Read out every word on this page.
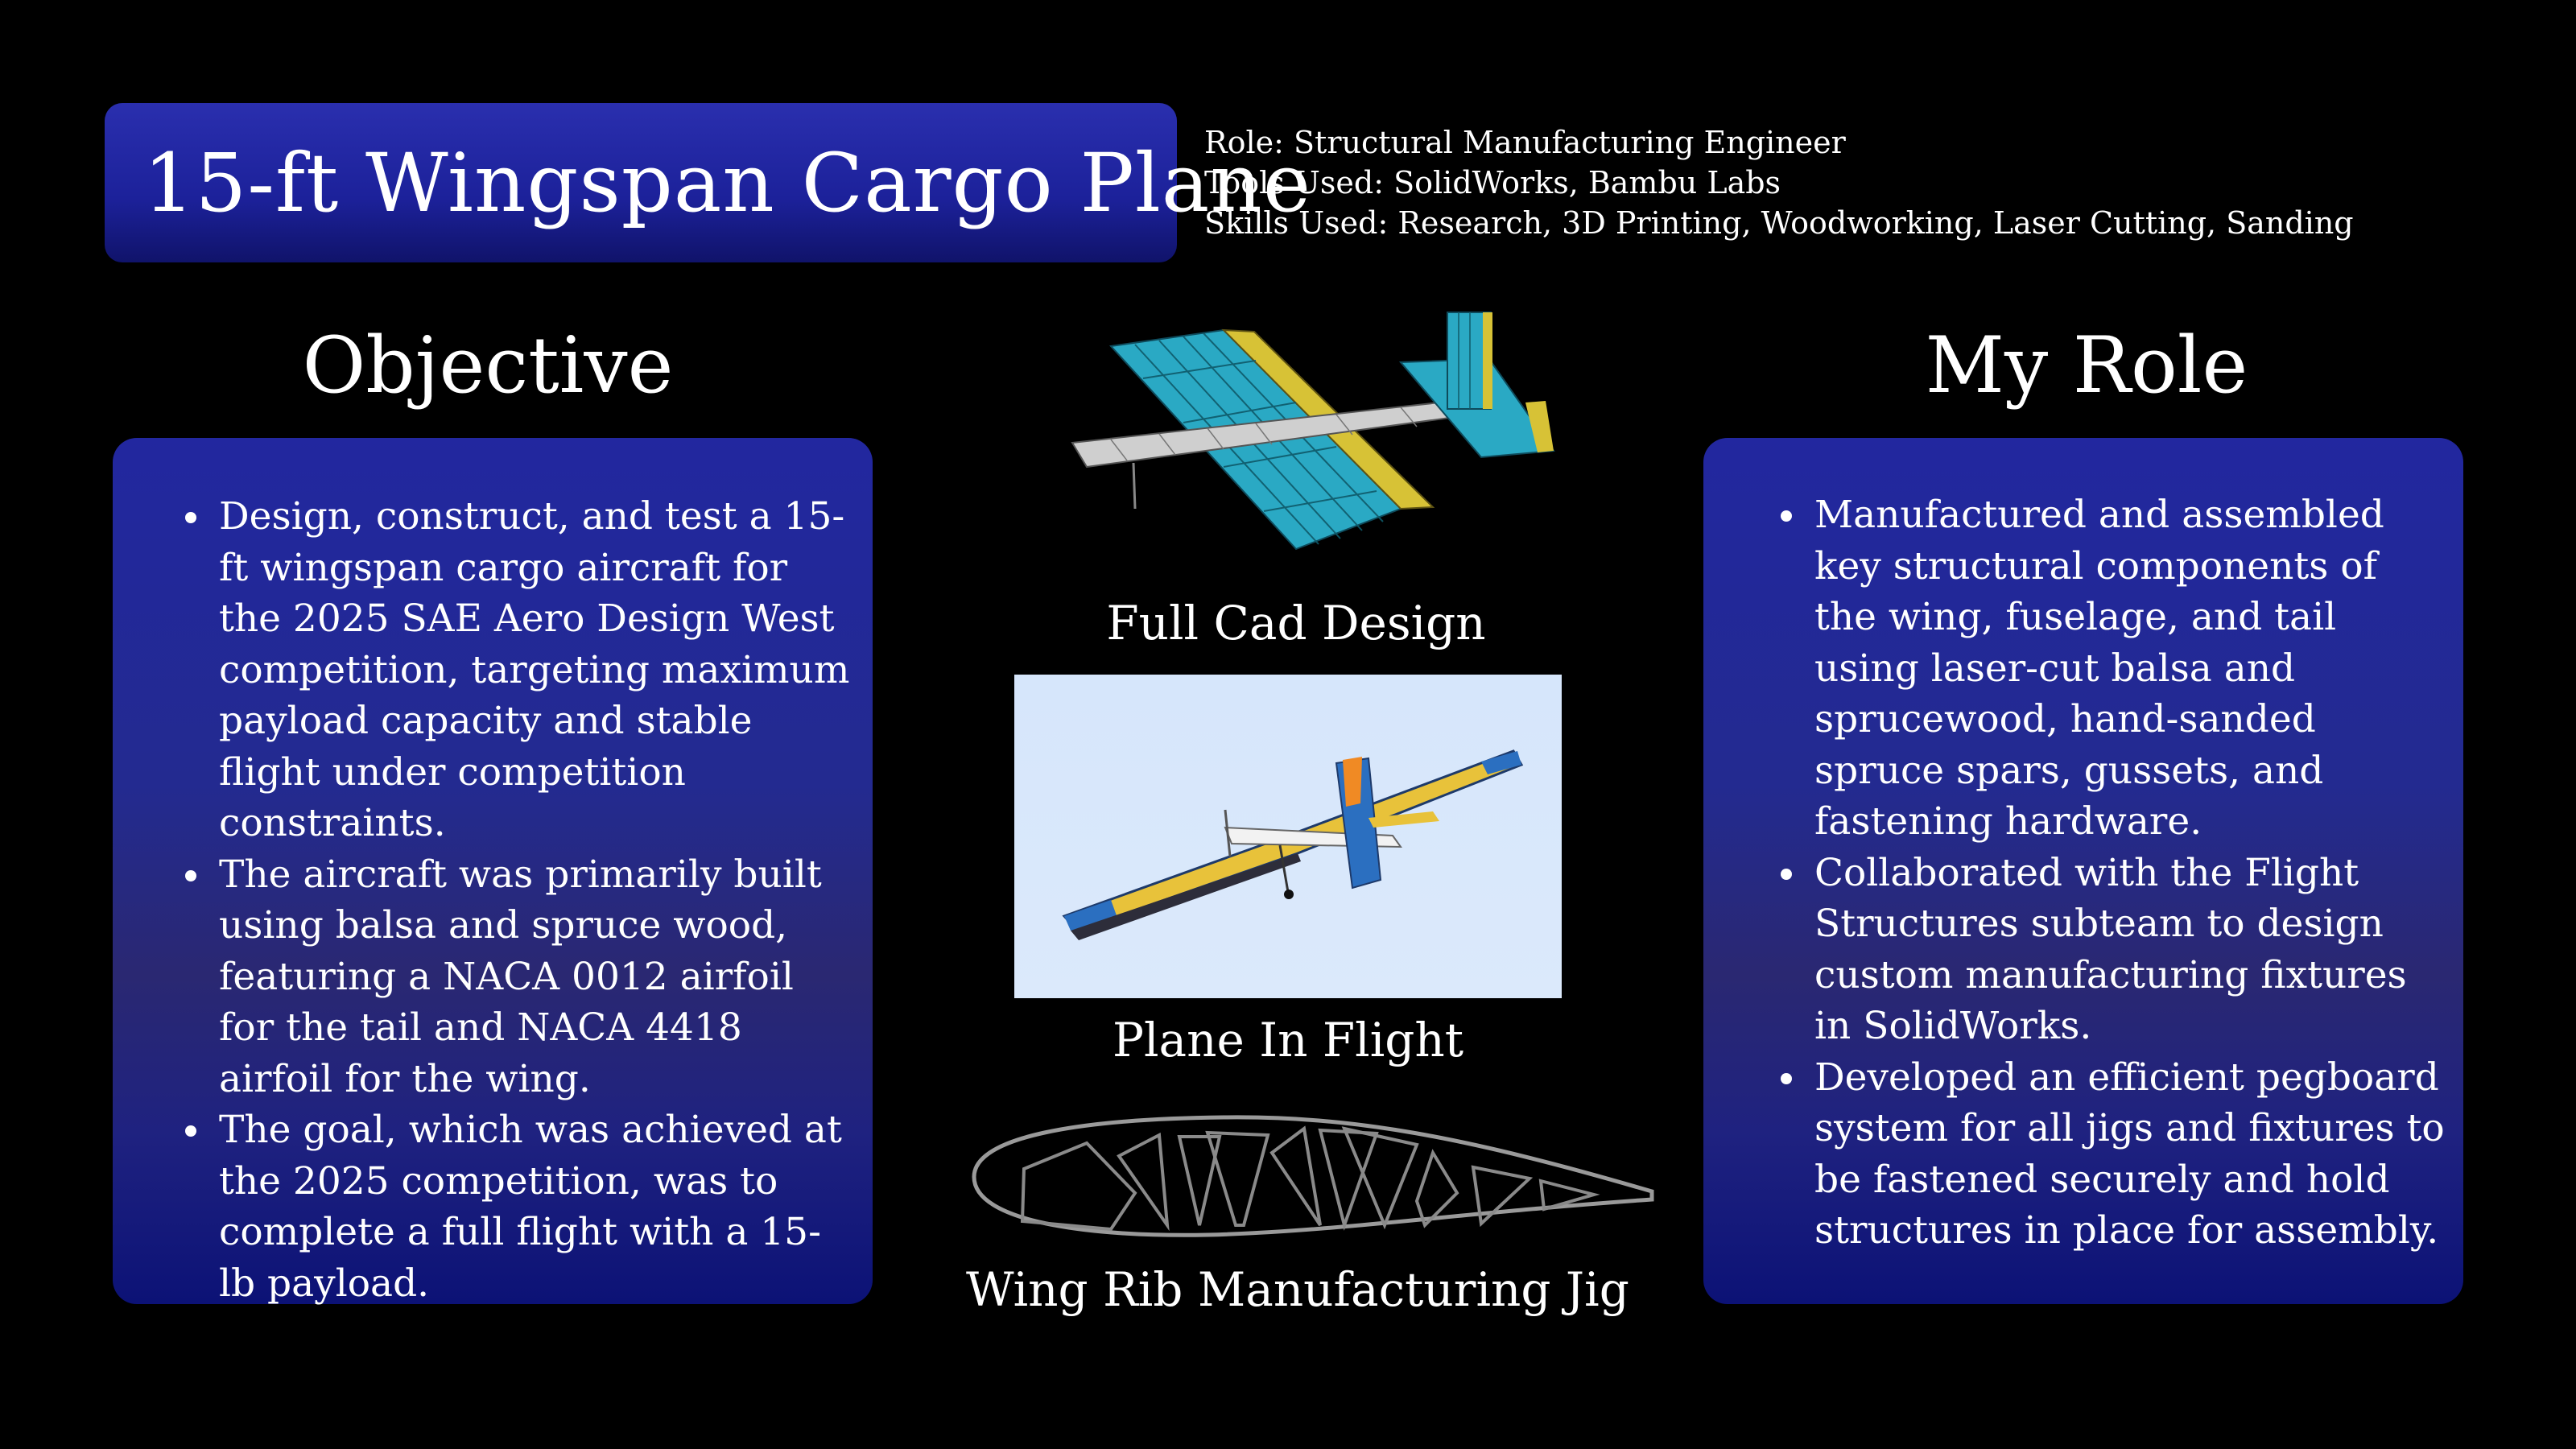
15-ft Wingspan Cargo Plane
Role: Structural Manufacturing Engineer
Tools Used: SolidWorks, Bambu Labs
Skills Used: Research, 3D Printing, Woodworking, Laser Cutting, Sanding
Objective
Design, construct, and test a 15-ft wingspan cargo aircraft for the 2025 SAE Aero Design West competition, targeting maximum payload capacity and stable flight under competition constraints.
The aircraft was primarily built using balsa and spruce wood, featuring a NACA 0012 airfoil for the tail and NACA 4418 airfoil for the wing.
The goal, which was achieved at the 2025 competition, was to complete a full flight with a 15-lb payload.
My Role
Manufactured and assembled key structural components of the wing, fuselage, and tail using laser-cut balsa and sprucewood, hand-sanded spruce spars, gussets, and fastening hardware.
Collaborated with the Flight Structures subteam to design custom manufacturing fixtures in SolidWorks.
Developed an efficient pegboard system for all jigs and fixtures to be fastened securely and hold structures in place for assembly.
Full Cad Design
Plane In Flight
Wing Rib Manufacturing Jig
